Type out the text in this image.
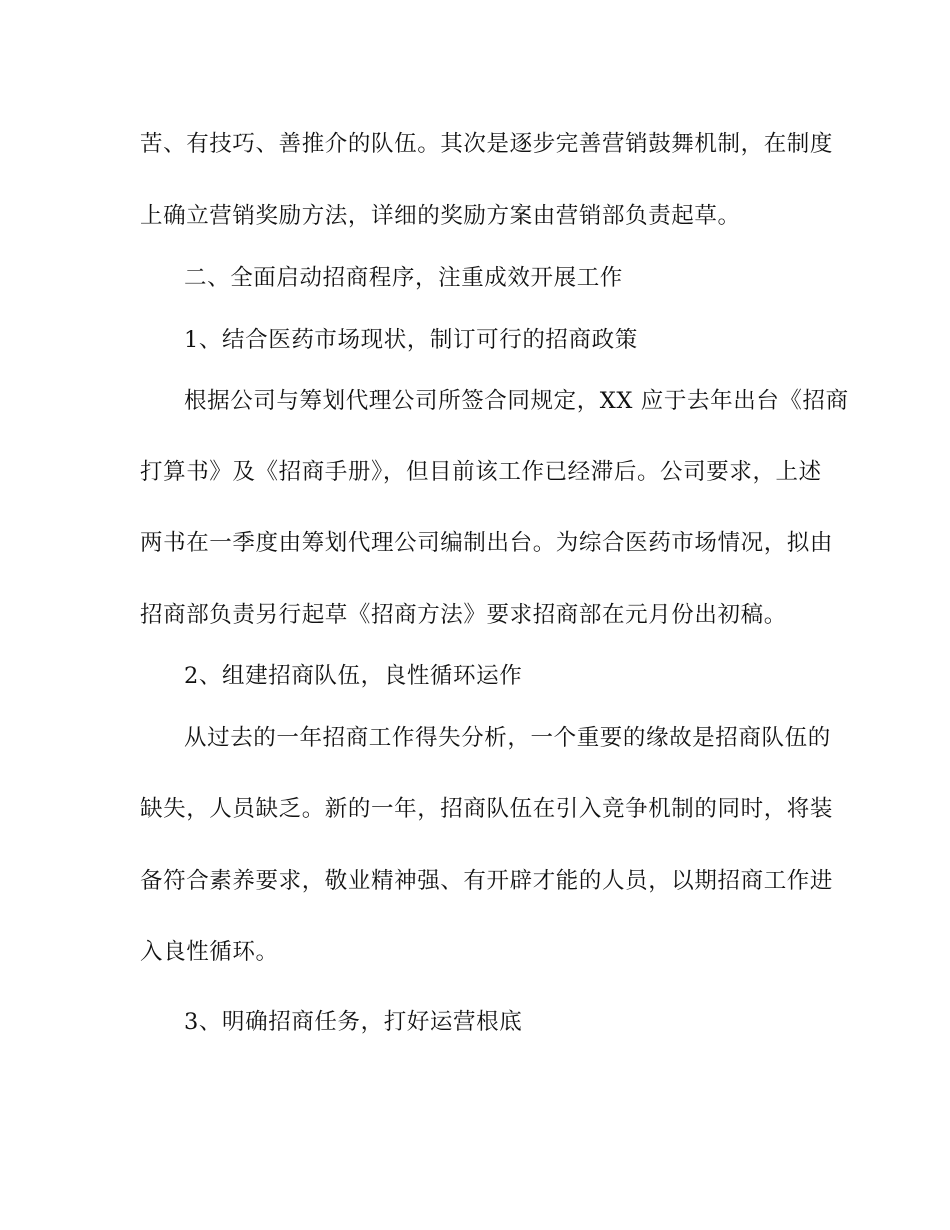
苦、有技巧、善推介的队伍。其次是逐步完善营销鼓舞机制，在制度
上确立营销奖励方法，详细的奖励方案由营销部负责起草。
二、全面启动招商程序，注重成效开展工作
1、结合医药市场现状，制订可行的招商政策
根据公司与筹划代理公司所签合同规定，XX 应于去年出台《招商
打算书》及《招商手册》，但目前该工作已经滞后。公司要求，上述
两书在一季度由筹划代理公司编制出台。为综合医药市场情况，拟由
招商部负责另行起草《招商方法》要求招商部在元月份出初稿。
2、组建招商队伍，良性循环运作
从过去的一年招商工作得失分析，一个重要的缘故是招商队伍的
缺失，人员缺乏。新的一年，招商队伍在引入竞争机制的同时，将装
备符合素养要求，敬业精神强、有开辟才能的人员，以期招商工作进
入良性循环。
3、明确招商任务，打好运营根底
